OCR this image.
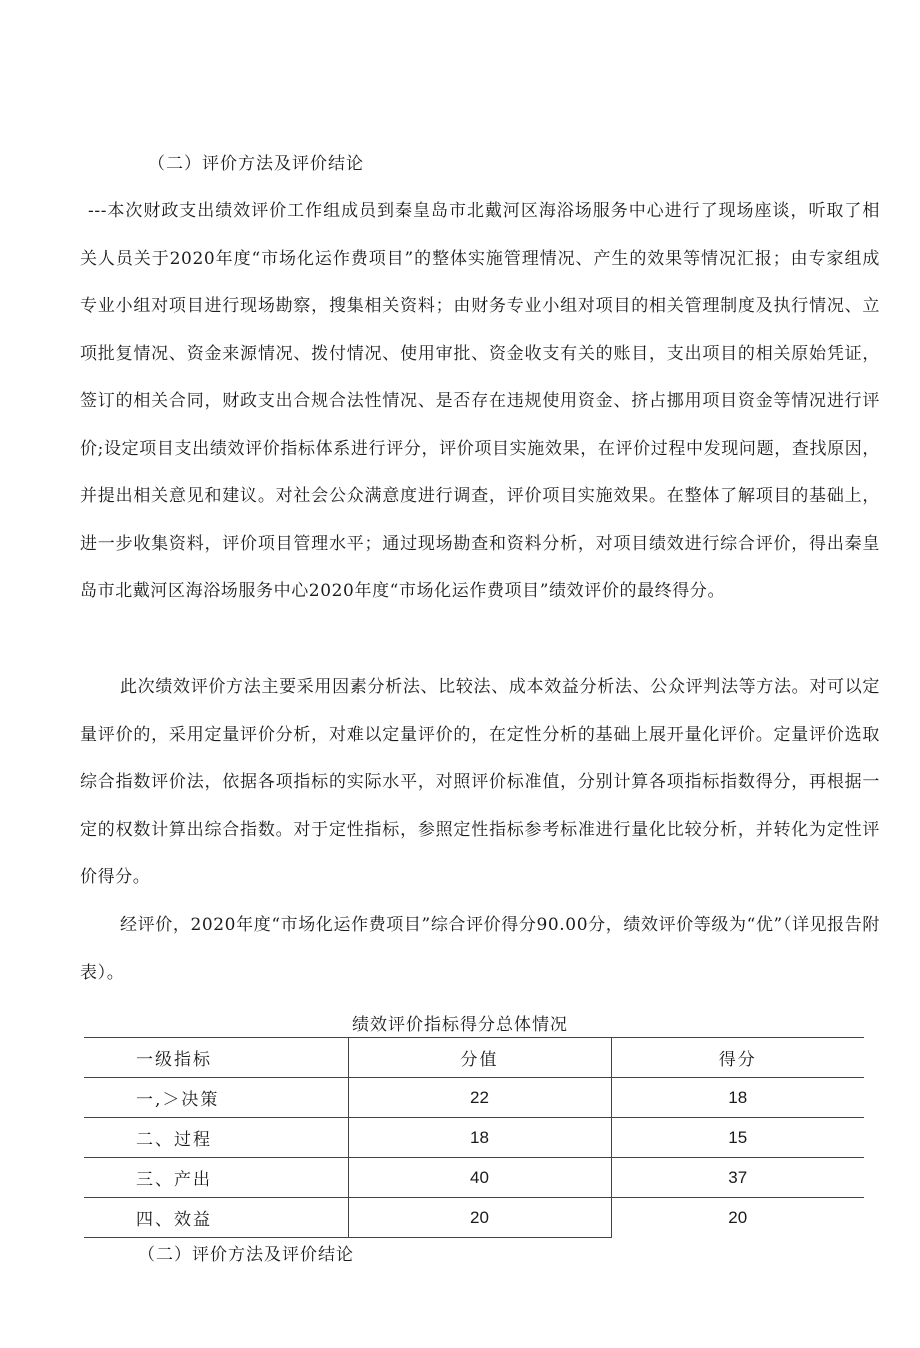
（二）评价方法及评价结论

---本次财政支出绩效评价工作组成员到秦皇岛市北戴河区海浴场服务中心进行了现场座谈，听取了相关人员关于2020年度“市场化运作费项目”的整体实施管理情况、产生的效果等情况汇报；由专家组成专业小组对项目进行现场勘察，搜集相关资料；由财务专业小组对项目的相关管理制度及执行情况、立项批复情况、资金来源情况、拨付情况、使用审批、资金收支有关的账目，支出项目的相关原始凭证，签订的相关合同，财政支出合规合法性情况、是否存在违规使用资金、挤占挪用项目资金等情况进行评价;设定项目支出绩效评价指标体系进行评分，评价项目实施效果，在评价过程中发现问题，查找原因，并提出相关意见和建议。对社会公众满意度进行调查，评价项目实施效果。在整体了解项目的基础上，进一步收集资料，评价项目管理水平；通过现场勘查和资料分析，对项目绩效进行综合评价，得出秦皇岛市北戴河区海浴场服务中心2020年度“市场化运作费项目”绩效评价的最终得分。

此次绩效评价方法主要采用因素分析法、比较法、成本效益分析法、公众评判法等方法。对可以定量评价的，采用定量评价分析，对难以定量评价的，在定性分析的基础上展开量化评价。定量评价选取综合指数评价法，依据各项指标的实际水平，对照评价标准值，分别计算各项指标指数得分，再根据一定的权数计算出综合指数。对于定性指标，参照定性指标参考标准进行量化比较分析，并转化为定性评价得分。

经评价，2020年度“市场化运作费项目”综合评价得分90.00分，绩效评价等级为“优”（详见报告附表）。

绩效评价指标得分总体情况

一级指标	分值	得分
一,＞决策	22	18
二、过程	18	15
三、产出	40	37
四、效益	20	20

（二）评价方法及评价结论
